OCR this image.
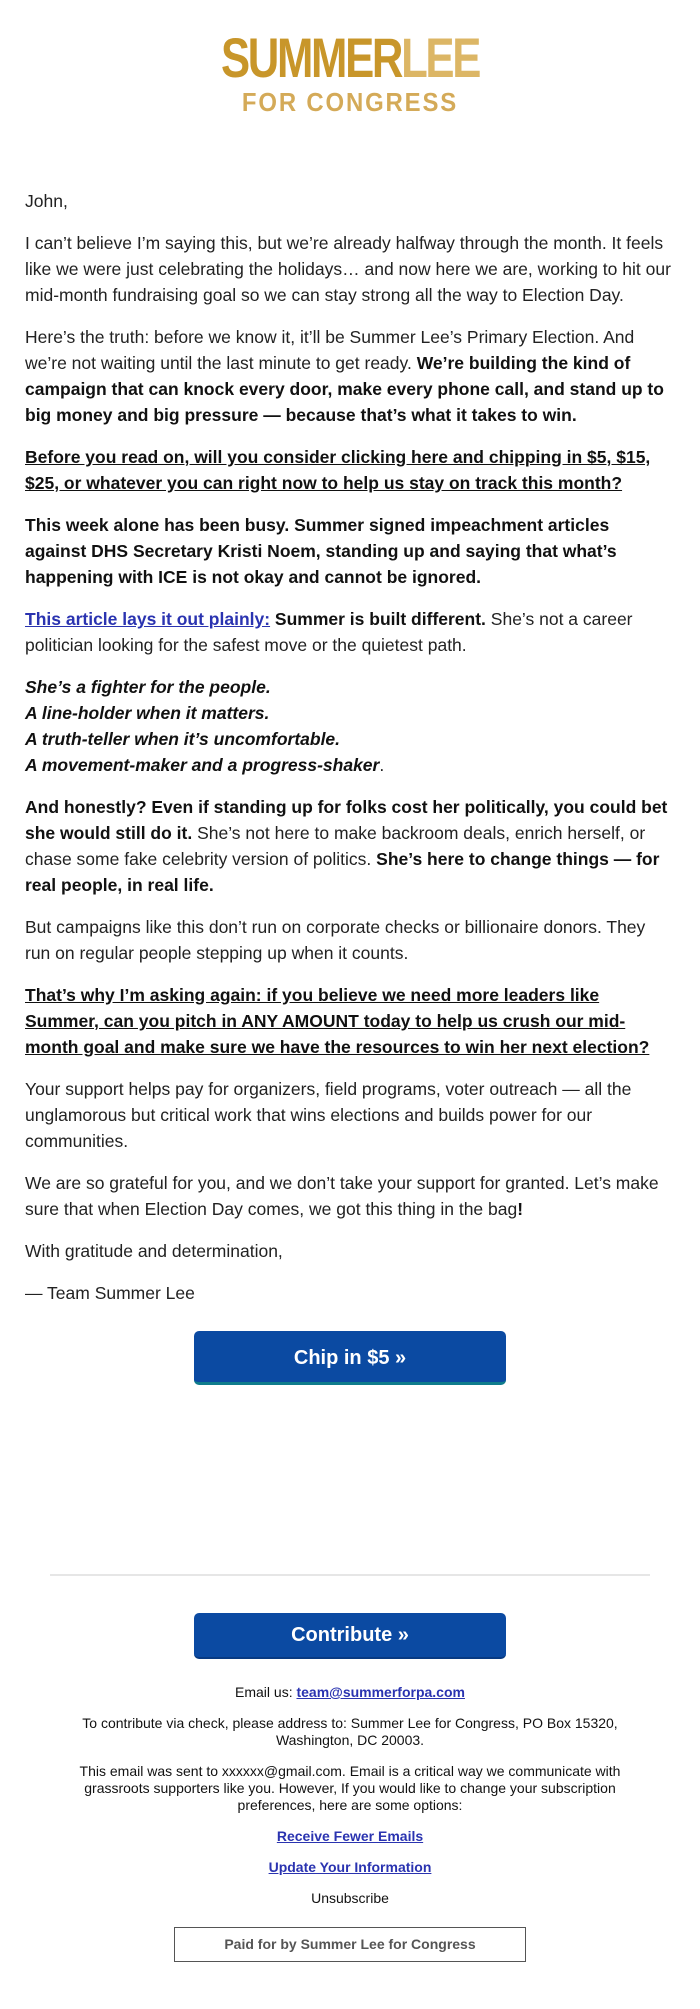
SUMMERLEE
FOR CONGRESS

John,

I can’t believe I’m saying this, but we’re already halfway through the month. It feels like we were just celebrating the holidays… and now here we are, working to hit our mid-month fundraising goal so we can stay strong all the way to Election Day.

Here’s the truth: before we know it, it’ll be Summer Lee’s Primary Election. And we’re not waiting until the last minute to get ready. We’re building the kind of campaign that can knock every door, make every phone call, and stand up to big money and big pressure — because that’s what it takes to win.

Before you read on, will you consider clicking here and chipping in $5, $15, $25, or whatever you can right now to help us stay on track this month?

This week alone has been busy. Summer signed impeachment articles against DHS Secretary Kristi Noem, standing up and saying that what’s happening with ICE is not okay and cannot be ignored.

This article lays it out plainly: Summer is built different. She’s not a career politician looking for the safest move or the quietest path.

She’s a fighter for the people.
A line-holder when it matters.
A truth-teller when it’s uncomfortable.
A movement-maker and a progress-shaker.

And honestly? Even if standing up for folks cost her politically, you could bet she would still do it. She’s not here to make backroom deals, enrich herself, or chase some fake celebrity version of politics. She’s here to change things — for real people, in real life.

But campaigns like this don’t run on corporate checks or billionaire donors. They run on regular people stepping up when it counts.

That’s why I’m asking again: if you believe we need more leaders like Summer, can you pitch in ANY AMOUNT today to help us crush our mid-month goal and make sure we have the resources to win her next election?

Your support helps pay for organizers, field programs, voter outreach — all the unglamorous but critical work that wins elections and builds power for our communities.

We are so grateful for you, and we don’t take your support for granted. Let’s make sure that when Election Day comes, we got this thing in the bag!

With gratitude and determination,

— Team Summer Lee

Chip in $5 »
Contribute »

Email us: team@summerforpa.com

To contribute via check, please address to: Summer Lee for Congress, PO Box 15320, Washington, DC 20003.

This email was sent to xxxxxx@gmail.com. Email is a critical way we communicate with grassroots supporters like you. However, If you would like to change your subscription preferences, here are some options:

Receive Fewer Emails

Update Your Information

Unsubscribe

Paid for by Summer Lee for Congress
